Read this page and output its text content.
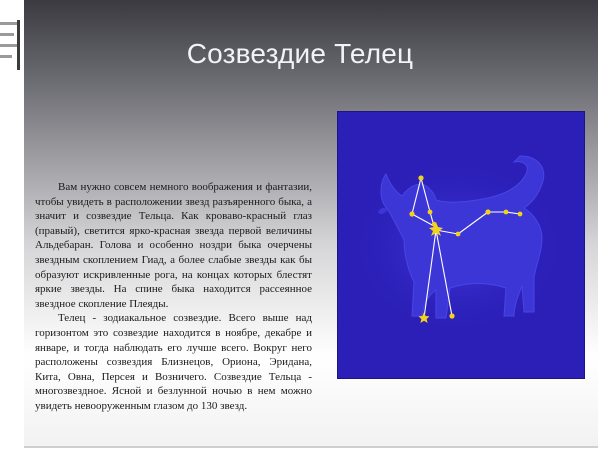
Созвездие Телец

Вам нужно совсем немного воображения и фантазии, чтобы увидеть в расположении звезд разъяренного быка, а значит и созвездие Тельца. Как кроваво-красный глаз (правый), светится ярко-красная звезда первой величины Альдебаран. Голова и особенно ноздри быка очерчены звездным скоплением Гиад, а более слабые звезды как бы образуют искривленные рога, на концах которых блестят яркие звезды. На спине быка находится рассеянное звездное скопление Плеяды.

Телец - зодиакальное созвездие. Всего выше над горизонтом это созвездие находится в ноябре, декабре и январе, и тогда наблюдать его лучше всего. Вокруг него расположены созвездия Близнецов, Ориона, Эридана, Кита, Овна, Персея и Возничего. Созвездие Тельца - многозвездное. Ясной и безлунной ночью в нем можно увидеть невооруженным глазом до 130 звезд.
